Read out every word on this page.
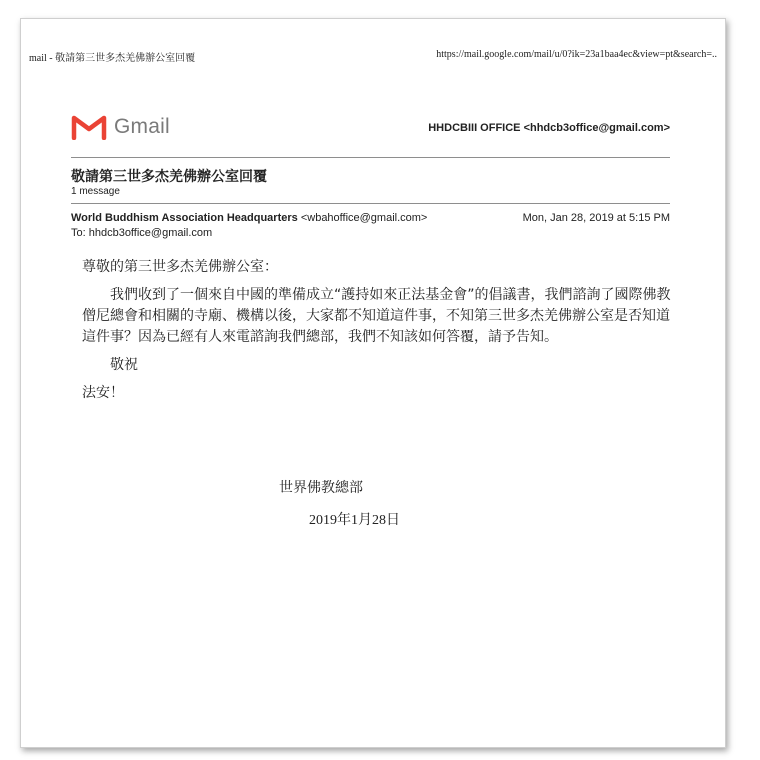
mail - 敬請第三世多杰羌佛辦公室回覆	https://mail.google.com/mail/u/0?ik=23a1baa4ec&view=pt&search=..
Gmail	HHDCBIII OFFICE <hhdcb3office@gmail.com>
敬請第三世多杰羌佛辦公室回覆
1 message
World Buddhism Association Headquarters <wbahoffice@gmail.com>	Mon, Jan 28, 2019 at 5:15 PM
To: hhdcb3office@gmail.com

尊敬的第三世多杰羌佛辦公室：

我們收到了一個來自中國的準備成立“護持如來正法基金會”的倡議書，我們諮詢了國際佛教僧尼總會和相關的寺廟、機構以後，大家都不知道這件事，不知第三世多杰羌佛辦公室是否知道這件事？因為已經有人來電諮詢我們總部，我們不知該如何答覆，請予告知。

敬祝

法安！

世界佛教總部
2019年1月28日
